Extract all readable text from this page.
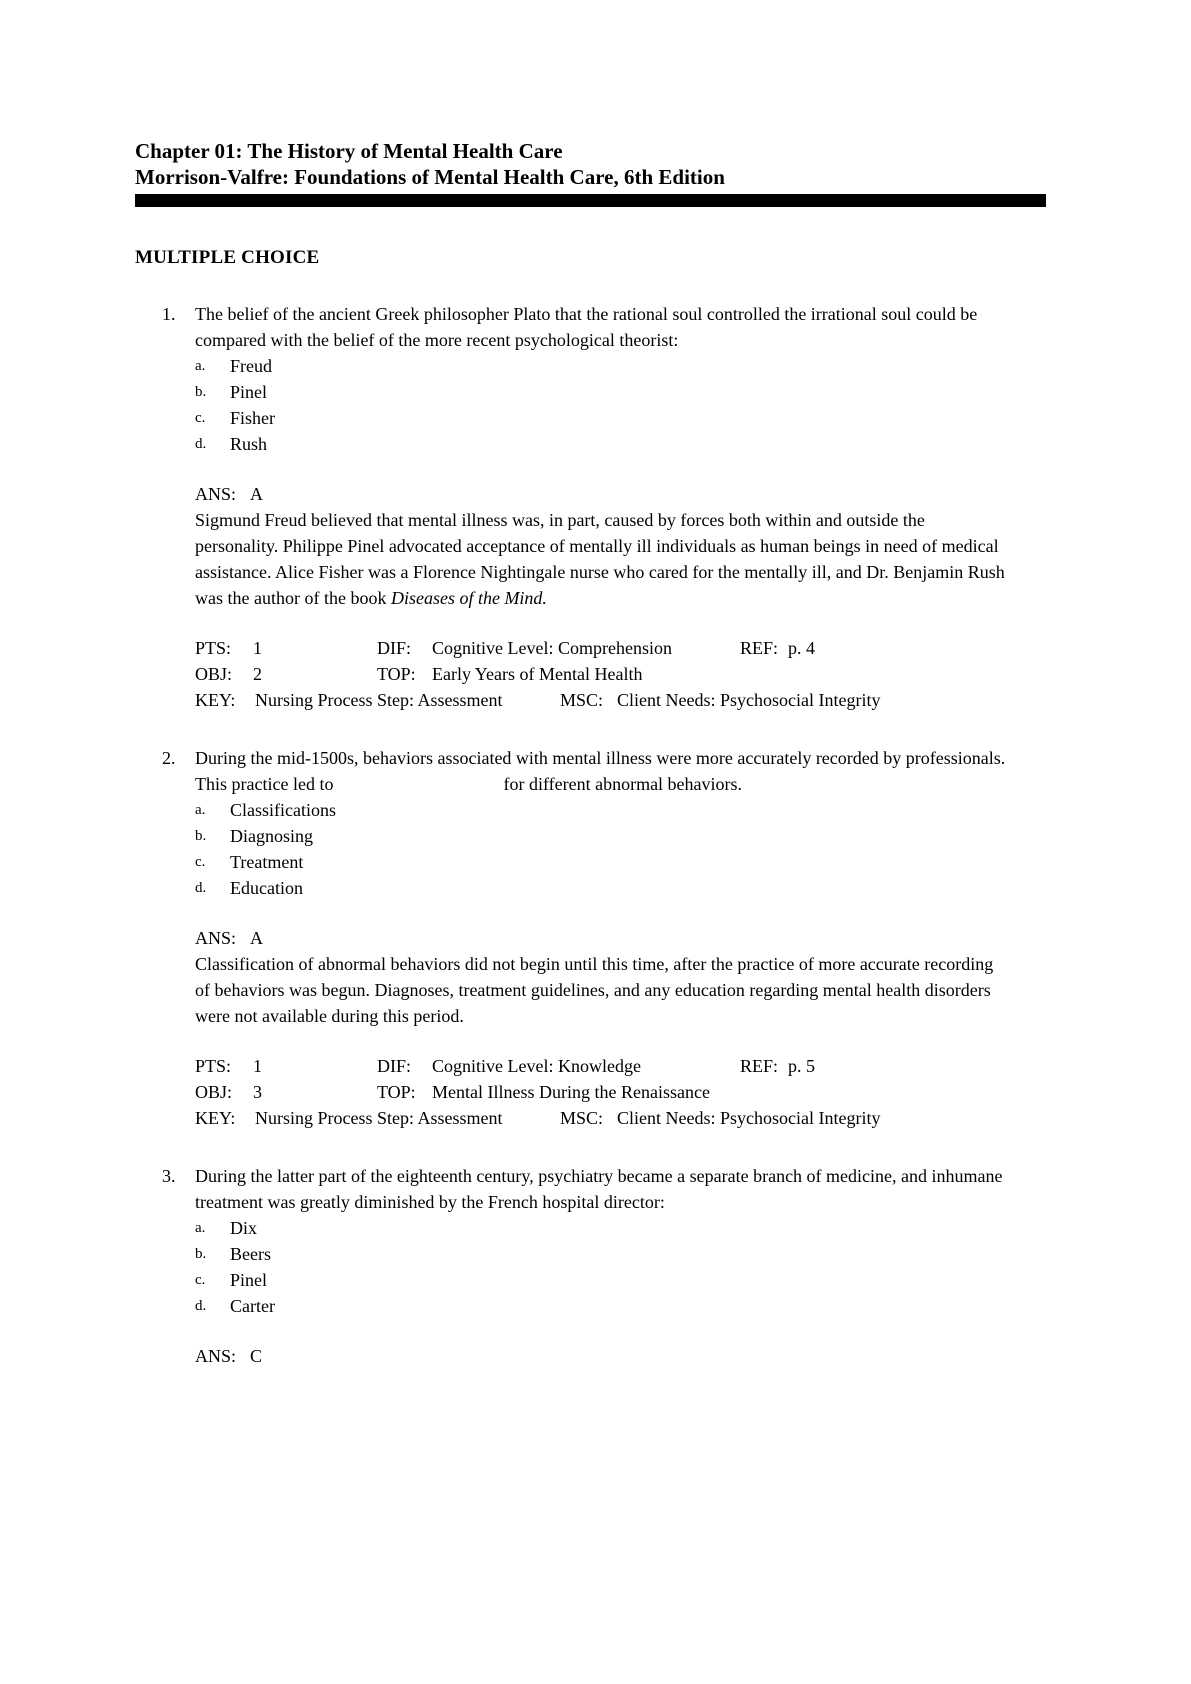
Chapter 01: The History of Mental Health Care
Morrison-Valfre: Foundations of Mental Health Care, 6th Edition
MULTIPLE CHOICE
1.	The belief of the ancient Greek philosopher Plato that the rational soul controlled the irrational soul could be compared with the belief of the more recent psychological theorist:

a.	Freud
b.	Pinel
c.	Fisher
d.	Rush
ANS: A

Sigmund Freud believed that mental illness was, in part, caused by forces both within and outside the personality. Philippe Pinel advocated acceptance of mentally ill individuals as human beings in need of medical assistance. Alice Fisher was a Florence Nightingale nurse who cared for the mentally ill, and Dr. Benjamin Rush was the author of the book Diseases of the Mind.

PTS:	1	DIF:	Cognitive Level: Comprehension	REF: p. 4
OBJ:	2	TOP: Early Years of Mental Health
KEY:	Nursing Process Step: Assessment	MSC: Client Needs: Psychosocial Integrity
2.	During the mid-1500s, behaviors associated with mental illness were more accurately recorded by professionals. This practice led to	for different abnormal behaviors.

a.	Classifications
b.	Diagnosing
c.	Treatment
d.	Education
ANS: A

Classification of abnormal behaviors did not begin until this time, after the practice of more accurate recording of behaviors was begun. Diagnoses, treatment guidelines, and any education regarding mental health disorders were not available during this period.

PTS:	1	DIF:	Cognitive Level: Knowledge	REF: p. 5
OBJ:	3	TOP: Mental Illness During the Renaissance
KEY:	Nursing Process Step: Assessment	MSC: Client Needs: Psychosocial Integrity
3.	During the latter part of the eighteenth century, psychiatry became a separate branch of medicine, and inhumane treatment was greatly diminished by the French hospital director:

a.	Dix
b.	Beers
c.	Pinel
d.	Carter
ANS: C
